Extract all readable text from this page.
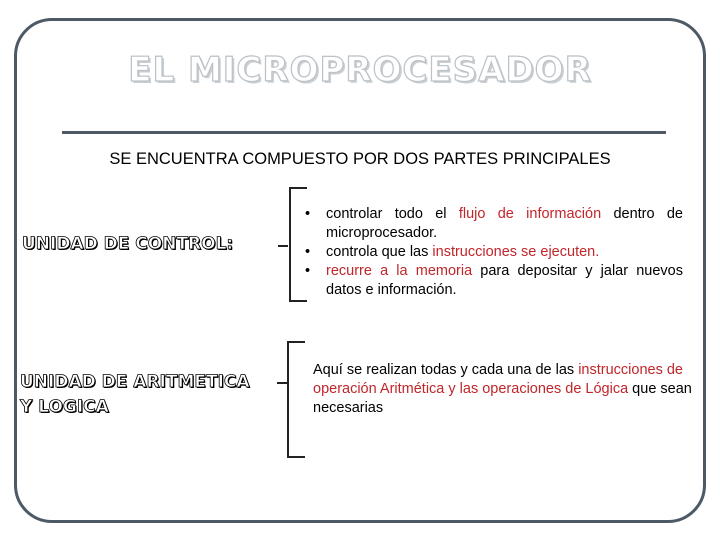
EL MICROPROCESADOR
SE ENCUENTRA COMPUESTO POR DOS PARTES PRINCIPALES
UNIDAD DE CONTROL:
• controlar todo el flujo de información dentro de microprocesador.
• controla que las instrucciones se ejecuten.
• recurre a la memoria para depositar y jalar nuevos datos e información.
UNIDAD DE ARITMETICA
Y LOGICA
Aquí se realizan todas y cada una de las instrucciones de operación Aritmética y las operaciones de Lógica que sean necesarias
